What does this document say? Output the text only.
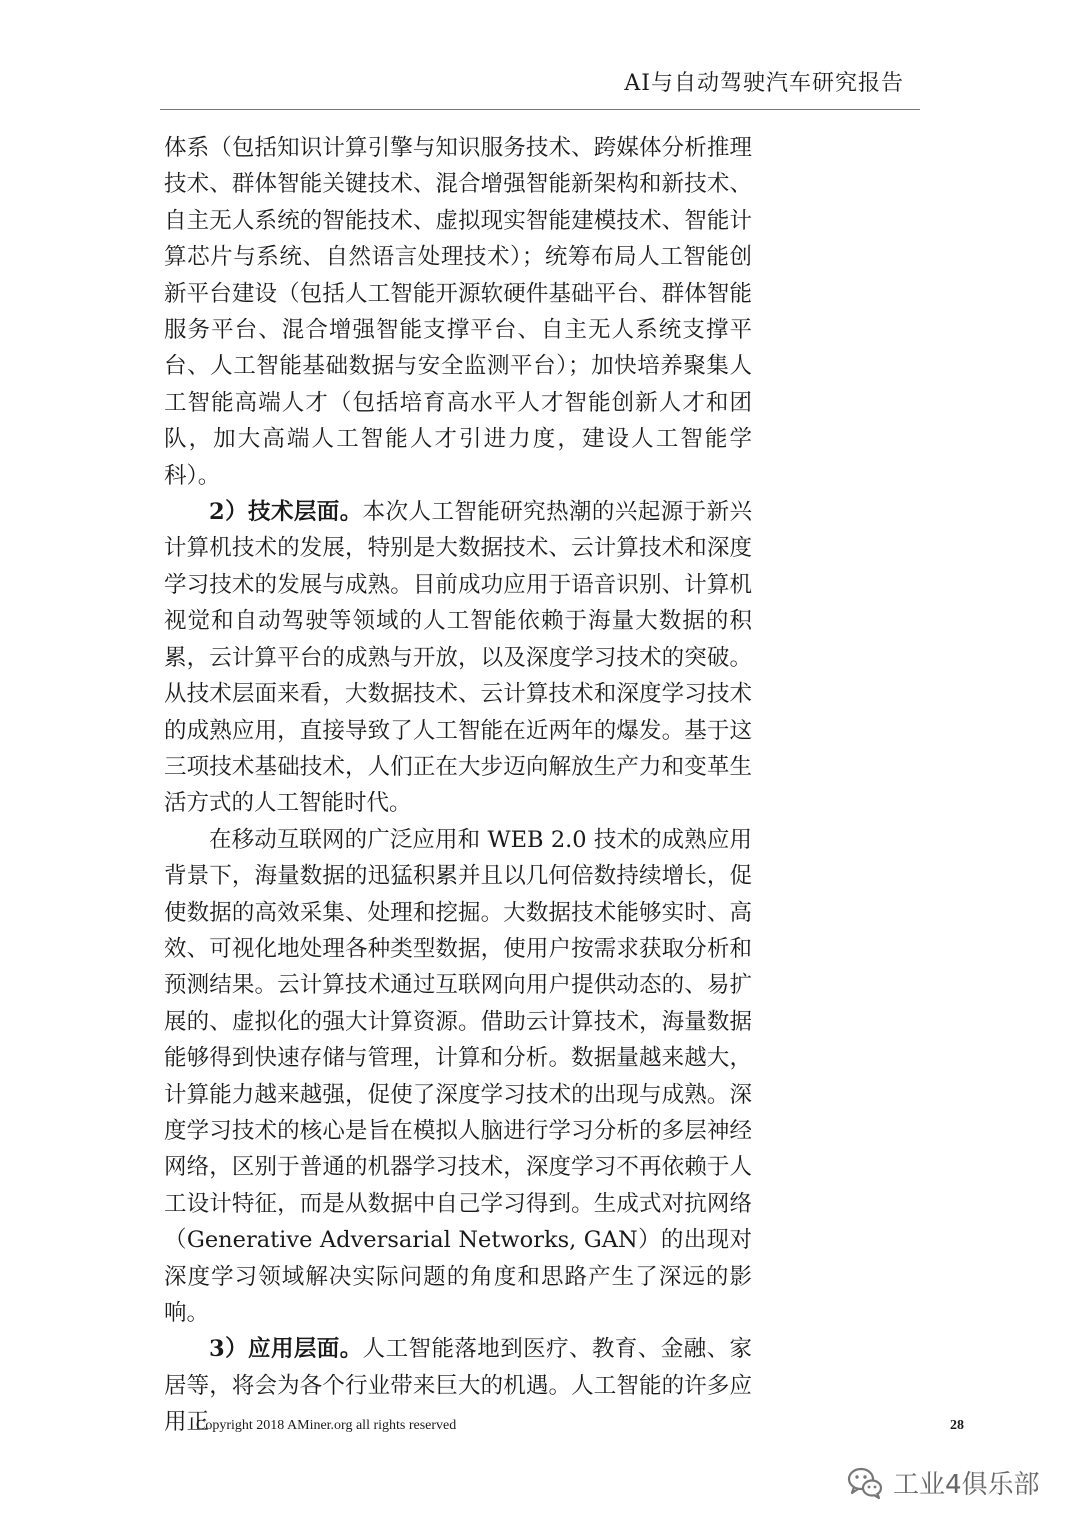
AI与自动驾驶汽车研究报告

体系（包括知识计算引擎与知识服务技术、跨媒体分析推理技术、群体智能关键技术、混合增强智能新架构和新技术、自主无人系统的智能技术、虚拟现实智能建模技术、智能计算芯片与系统、自然语言处理技术）；统筹布局人工智能创新平台建设（包括人工智能开源软硬件基础平台、群体智能服务平台、混合增强智能支撑平台、自主无人系统支撑平台、人工智能基础数据与安全监测平台）；加快培养聚集人工智能高端人才（包括培育高水平人才智能创新人才和团队，加大高端人工智能人才引进力度，建设人工智能学科）。

2）技术层面。本次人工智能研究热潮的兴起源于新兴计算机技术的发展，特别是大数据技术、云计算技术和深度学习技术的发展与成熟。目前成功应用于语音识别、计算机视觉和自动驾驶等领域的人工智能依赖于海量大数据的积累，云计算平台的成熟与开放，以及深度学习技术的突破。从技术层面来看，大数据技术、云计算技术和深度学习技术的成熟应用，直接导致了人工智能在近两年的爆发。基于这三项技术基础技术，人们正在大步迈向解放生产力和变革生活方式的人工智能时代。

在移动互联网的广泛应用和 WEB 2.0 技术的成熟应用背景下，海量数据的迅猛积累并且以几何倍数持续增长，促使数据的高效采集、处理和挖掘。大数据技术能够实时、高效、可视化地处理各种类型数据，使用户按需求获取分析和预测结果。云计算技术通过互联网向用户提供动态的、易扩展的、虚拟化的强大计算资源。借助云计算技术，海量数据能够得到快速存储与管理，计算和分析。数据量越来越大，计算能力越来越强，促使了深度学习技术的出现与成熟。深度学习技术的核心是旨在模拟人脑进行学习分析的多层神经网络，区别于普通的机器学习技术，深度学习不再依赖于人工设计特征，而是从数据中自己学习得到。生成式对抗网络（Generative Adversarial Networks, GAN）的出现对深度学习领域解决实际问题的角度和思路产生了深远的影响。

3）应用层面。人工智能落地到医疗、教育、金融、家居等，将会为各个行业带来巨大的机遇。人工智能的许多应用正

Copyright 2018 AMiner.org all rights reserved	28
工业4俱乐部
